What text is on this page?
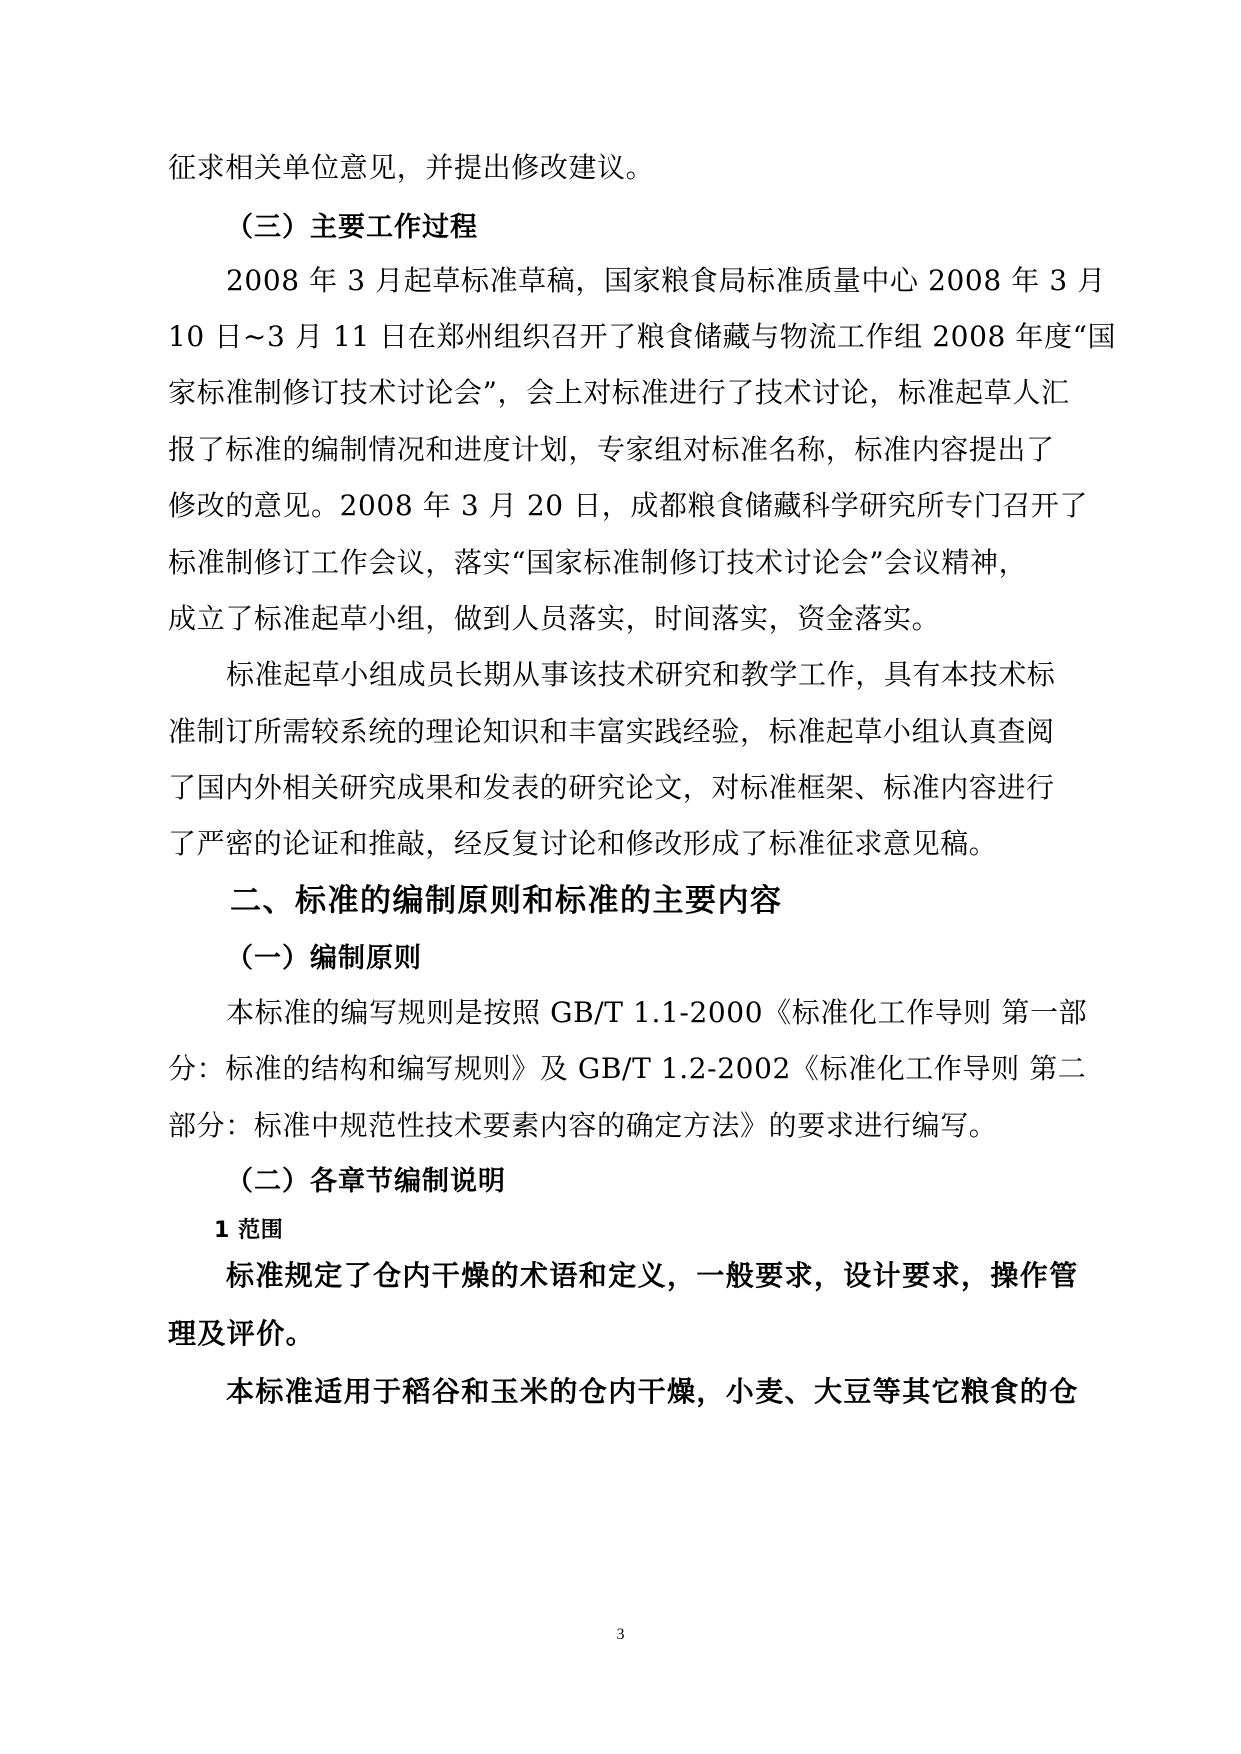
征求相关单位意见，并提出修改建议。
（三）主要工作过程
2008 年 3 月起草标准草稿，国家粮食局标准质量中心 2008 年 3 月
10 日~3 月 11 日在郑州组织召开了粮食储藏与物流工作组 2008 年度“国
家标准制修订技术讨论会”，会上对标准进行了技术讨论，标准起草人汇
报了标准的编制情况和进度计划，专家组对标准名称，标准内容提出了
修改的意见。2008 年 3 月 20 日，成都粮食储藏科学研究所专门召开了
标准制修订工作会议，落实“国家标准制修订技术讨论会”会议精神，
成立了标准起草小组，做到人员落实，时间落实，资金落实。
标准起草小组成员长期从事该技术研究和教学工作，具有本技术标
准制订所需较系统的理论知识和丰富实践经验，标准起草小组认真查阅
了国内外相关研究成果和发表的研究论文，对标准框架、标准内容进行
了严密的论证和推敲，经反复讨论和修改形成了标准征求意见稿。
二、标准的编制原则和标准的主要内容
（一）编制原则
本标准的编写规则是按照 GB/T 1.1-2000《标准化工作导则 第一部
分：标准的结构和编写规则》及 GB/T 1.2-2002《标准化工作导则 第二
部分：标准中规范性技术要素内容的确定方法》的要求进行编写。
（二）各章节编制说明
1 范围
标准规定了仓内干燥的术语和定义，一般要求，设计要求，操作管
理及评价。
本标准适用于稻谷和玉米的仓内干燥，小麦、大豆等其它粮食的仓
3
